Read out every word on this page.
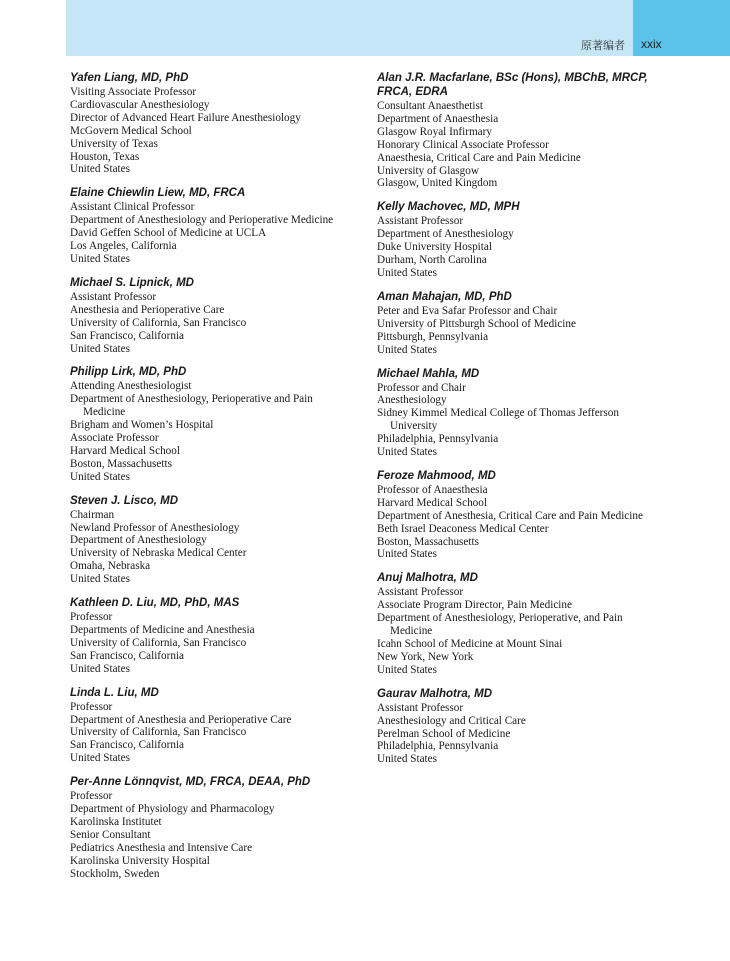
原著编者 xxix
Yafen Liang, MD, PhD
Visiting Associate Professor
Cardiovascular Anesthesiology
Director of Advanced Heart Failure Anesthesiology
McGovern Medical School
University of Texas
Houston, Texas
United States
Elaine Chiewlin Liew, MD, FRCA
Assistant Clinical Professor
Department of Anesthesiology and Perioperative Medicine
David Geffen School of Medicine at UCLA
Los Angeles, California
United States
Michael S. Lipnick, MD
Assistant Professor
Anesthesia and Perioperative Care
University of California, San Francisco
San Francisco, California
United States
Philipp Lirk, MD, PhD
Attending Anesthesiologist
Department of Anesthesiology, Perioperative and Pain
Medicine
Brigham and Women’s Hospital
Associate Professor
Harvard Medical School
Boston, Massachusetts
United States
Steven J. Lisco, MD
Chairman
Newland Professor of Anesthesiology
Department of Anesthesiology
University of Nebraska Medical Center
Omaha, Nebraska
United States
Kathleen D. Liu, MD, PhD, MAS
Professor
Departments of Medicine and Anesthesia
University of California, San Francisco
San Francisco, California
United States
Linda L. Liu, MD
Professor
Department of Anesthesia and Perioperative Care
University of California, San Francisco
San Francisco, California
United States
Per-Anne Lönnqvist, MD, FRCA, DEAA, PhD
Professor
Department of Physiology and Pharmacology
Karolinska Institutet
Senior Consultant
Pediatrics Anesthesia and Intensive Care
Karolinska University Hospital
Stockholm, Sweden
Alan J.R. Macfarlane, BSc (Hons), MBChB, MRCP,
FRCA, EDRA
Consultant Anaesthetist
Department of Anaesthesia
Glasgow Royal Infirmary
Honorary Clinical Associate Professor
Anaesthesia, Critical Care and Pain Medicine
University of Glasgow
Glasgow, United Kingdom
Kelly Machovec, MD, MPH
Assistant Professor
Department of Anesthesiology
Duke University Hospital
Durham, North Carolina
United States
Aman Mahajan, MD, PhD
Peter and Eva Safar Professor and Chair
University of Pittsburgh School of Medicine
Pittsburgh, Pennsylvania
United States
Michael Mahla, MD
Professor and Chair
Anesthesiology
Sidney Kimmel Medical College of Thomas Jefferson
University
Philadelphia, Pennsylvania
United States
Feroze Mahmood, MD
Professor of Anaesthesia
Harvard Medical School
Department of Anesthesia, Critical Care and Pain Medicine
Beth Israel Deaconess Medical Center
Boston, Massachusetts
United States
Anuj Malhotra, MD
Assistant Professor
Associate Program Director, Pain Medicine
Department of Anesthesiology, Perioperative, and Pain
Medicine
Icahn School of Medicine at Mount Sinai
New York, New York
United States
Gaurav Malhotra, MD
Assistant Professor
Anesthesiology and Critical Care
Perelman School of Medicine
Philadelphia, Pennsylvania
United States
